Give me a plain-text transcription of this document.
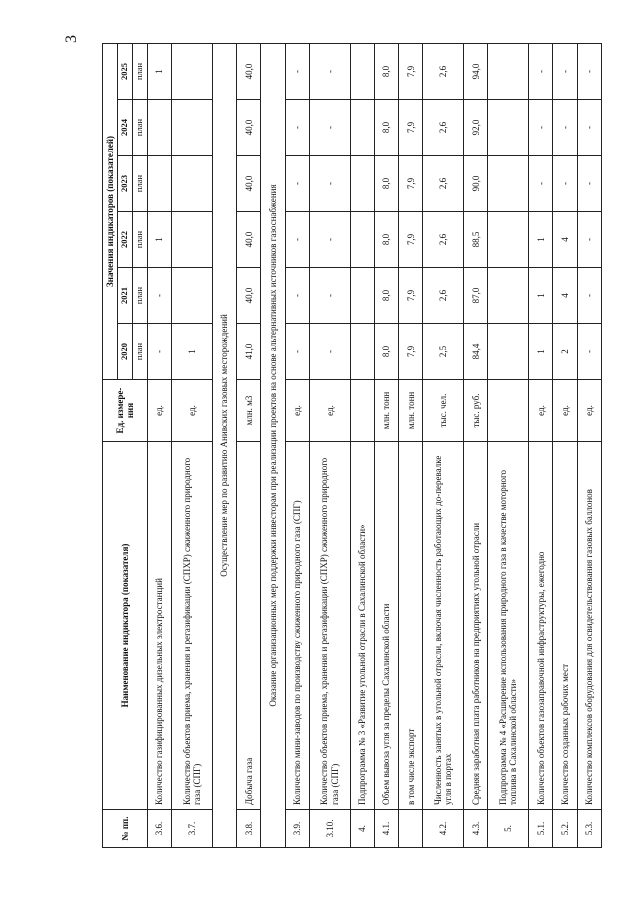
3
№ пп.	Наименование индикатора (показателя)	Ед. измере-ния	Значения индикаторов (показателей)					
			2020	2021	2022	2023	2024	2025
			план	план	план	план	план	план
3.6.	Количество газифицированных дизельных электростанций	ед.	-	-	1			1
3.7.	Количество объектов приема, хранения и регазификации (СПХР) сжиженного природного газа (СПГ)	ед.	1					
Осуществление мер по развитию Анивских газовых месторождений								
3.8.	Добыча газа	млн. м3	41,0	40,0	40,0	40,0	40,0	40,0
Оказание организационных мер поддержки инвесторам при реализации проектов на основе альтернативных источников газоснабжения								
3.9.	Количество мини-заводов по производству сжиженного природного газа (СПГ)	ед.	-	-	-	-	-	-
3.10.	Количество объектов приема, хранения и регазификации (СПХР) сжиженного природного газа (СПГ)	ед.	-	-	-	-	-	-
4.	Подпрограмма № 3 «Развитие угольной отрасли в Сахалинской области»							
4.1.	Объем вывоза угля за пределы Сахалинской области	млн. тонн	8,0	8,0	8,0	8,0	8,0	8,0
	в том числе экспорт	млн. тонн	7,9	7,9	7,9	7,9	7,9	7,9
4.2.	Численность занятых в угольной отрасли, включая численность работающих до-перевалке угля в портах	тыс. чел.	2,5	2,6	2,6	2,6	2,6	2,6
4.3.	Средняя заработная плата работников на предприятиях угольной отрасли	тыс. руб.	84,4	87,0	88,5	90,0	92,0	94,0
5.	Подпрограмма № 4 «Расширение использования природного газа в качестве моторного топлива в Сахалинской области»							
5.1.	Количество объектов газозаправочной инфраструктуры, ежегодно	ед.	1	1	1	-	-	-
5.2.	Количество созданных рабочих мест	ед.	2	4	4	-	-	-
5.3.	Количество комплексов оборудования для освидетельствования газовых баллонов	ед.	-	-	-	-	-	-
